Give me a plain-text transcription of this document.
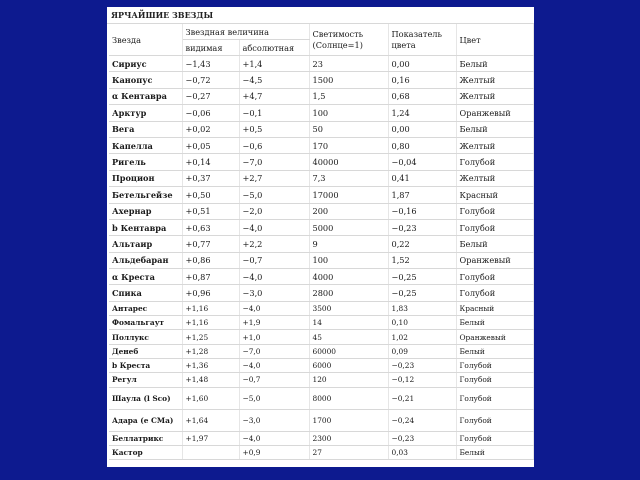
ЯРЧАЙШИЕ ЗВЕЗДЫ
Звезда	Звездная величина		Светимость (Солнце=1)	Показатель цвета	Цвет
	видимая	абсолютная			
Сириус	−1,43	+1,4	23	0,00	Белый
Канопус	−0,72	−4,5	1500	0,16	Желтый
α Кентавра	−0,27	+4,7	1,5	0,68	Желтый
Арктур	−0,06	−0,1	100	1,24	Оранжевый
Вега	+0,02	+0,5	50	0,00	Белый
Капелла	+0,05	−0,6	170	0,80	Желтый
Ригель	+0,14	−7,0	40000	−0,04	Голубой
Процион	+0,37	+2,7	7,3	0,41	Желтый
Бетельгейзе	+0,50	−5,0	17000	1,87	Красный
Ахернар	+0,51	−2,0	200	−0,16	Голубой
b Кентавра	+0,63	−4,0	5000	−0,23	Голубой
Альтаир	+0,77	+2,2	9	0,22	Белый
Альдебаран	+0,86	−0,7	100	1,52	Оранжевый
α Креста	+0,87	−4,0	4000	−0,25	Голубой
Спика	+0,96	−3,0	2800	−0,25	Голубой
Антарес	+1,16	−4,0	3500	1,83	Красный
Фомальгаут	+1,16	+1,9	14	0,10	Белый
Поллукс	+1,25	+1,0	45	1,02	Оранжевый
Денеб	+1,28	−7,0	60000	0,09	Белый
b Креста	+1,36	−4,0	6000	−0,23	Голубой
Регул	+1,48	−0,7	120	−0,12	Голубой
Шаула (l Sco)	+1,60	−5,0	8000	−0,21	Голубой
Адара (e CMa)	+1,64	−3,0	1700	−0,24	Голубой
Беллатрикс	+1,97	−4,0	2300	−0,23	Голубой
Кастор		+0,9	27	0,03	Белый
